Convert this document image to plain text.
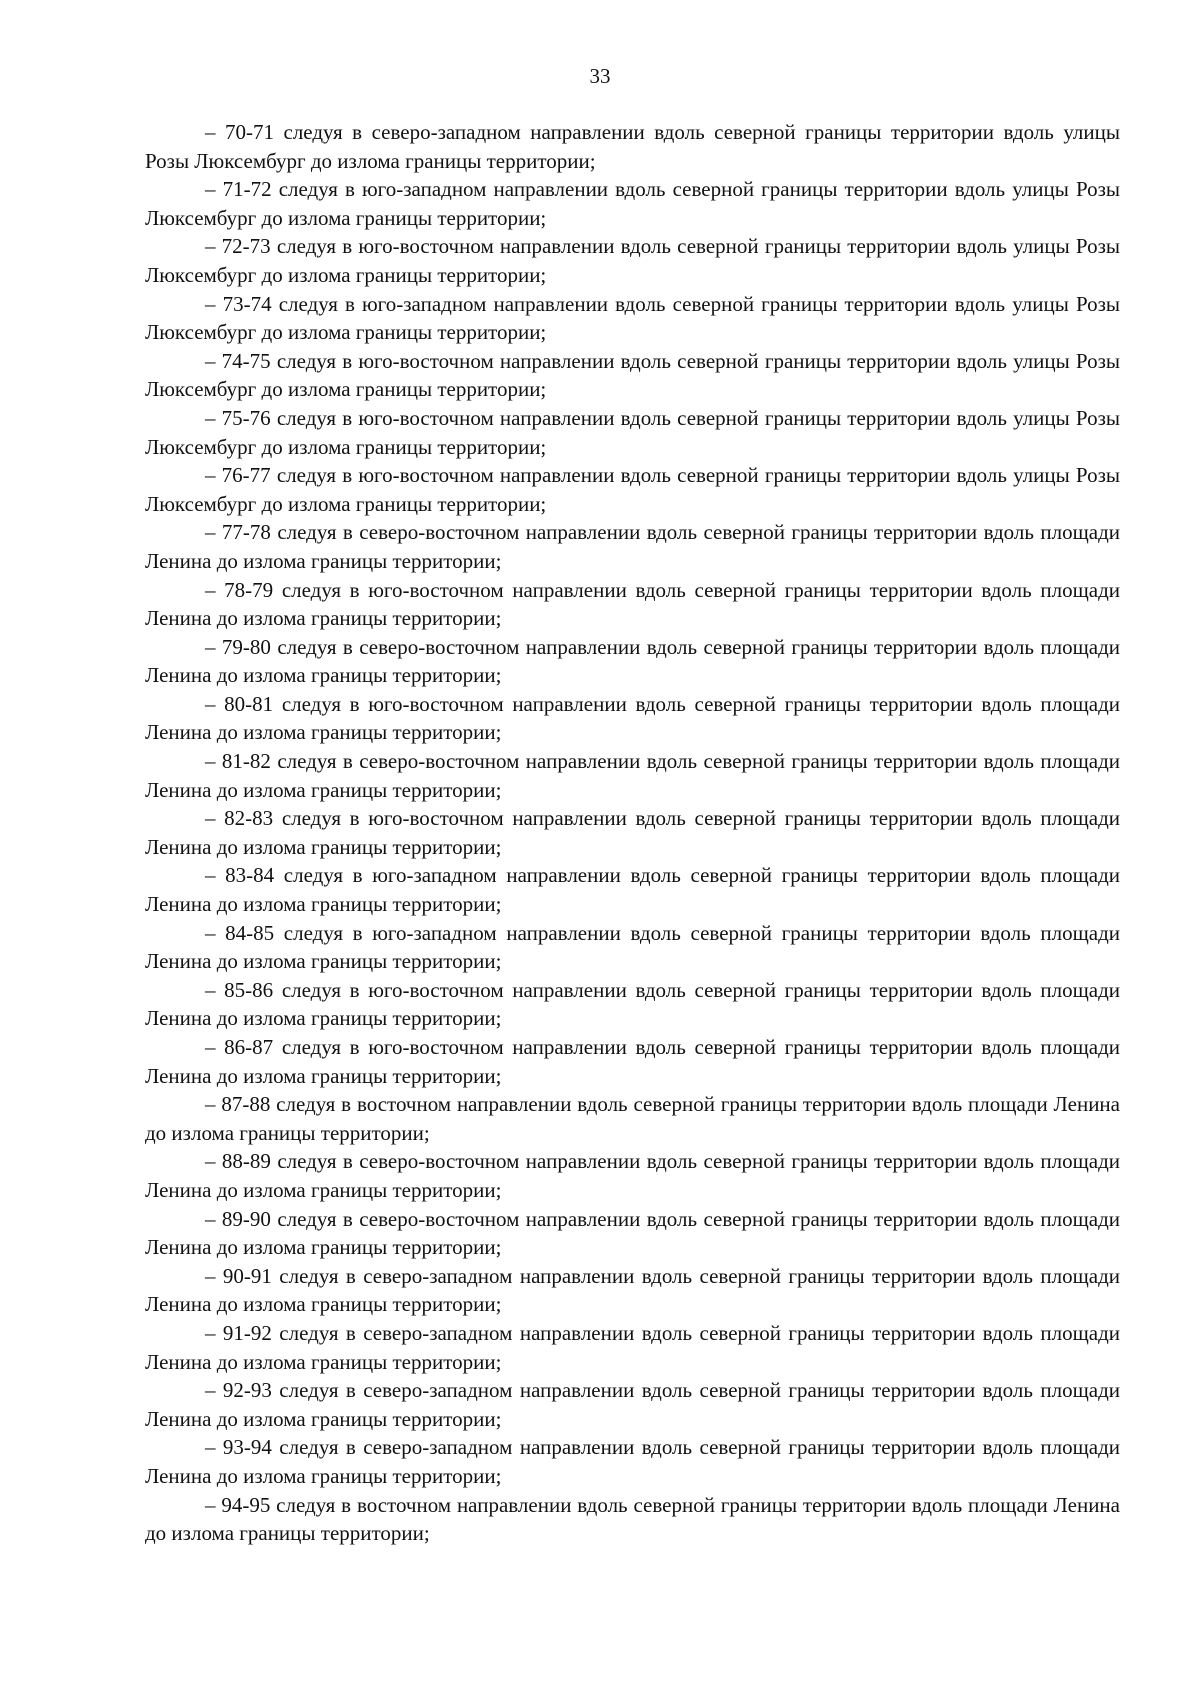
33

– 70-71 следуя в северо-западном направлении вдоль северной границы территории вдоль улицы Розы Люксембург до излома границы территории;

– 71-72 следуя в юго-западном направлении вдоль северной границы территории вдоль улицы Розы Люксембург до излома границы территории;

– 72-73 следуя в юго-восточном направлении вдоль северной границы территории вдоль улицы Розы Люксембург до излома границы территории;

– 73-74 следуя в юго-западном направлении вдоль северной границы территории вдоль улицы Розы Люксембург до излома границы территории;

– 74-75 следуя в юго-восточном направлении вдоль северной границы территории вдоль улицы Розы Люксембург до излома границы территории;

– 75-76 следуя в юго-восточном направлении вдоль северной границы территории вдоль улицы Розы Люксембург до излома границы территории;

– 76-77 следуя в юго-восточном направлении вдоль северной границы территории вдоль улицы Розы Люксембург до излома границы территории;

– 77-78 следуя в северо-восточном направлении вдоль северной границы территории вдоль площади Ленина до излома границы территории;

– 78-79 следуя в юго-восточном направлении вдоль северной границы территории вдоль площади Ленина до излома границы территории;

– 79-80 следуя в северо-восточном направлении вдоль северной границы территории вдоль площади Ленина до излома границы территории;

– 80-81 следуя в юго-восточном направлении вдоль северной границы территории вдоль площади Ленина до излома границы территории;

– 81-82 следуя в северо-восточном направлении вдоль северной границы территории вдоль площади Ленина до излома границы территории;

– 82-83 следуя в юго-восточном направлении вдоль северной границы территории вдоль площади Ленина до излома границы территории;

– 83-84 следуя в юго-западном направлении вдоль северной границы территории вдоль площади Ленина до излома границы территории;

– 84-85 следуя в юго-западном направлении вдоль северной границы территории вдоль площади Ленина до излома границы территории;

– 85-86 следуя в юго-восточном направлении вдоль северной границы территории вдоль площади Ленина до излома границы территории;

– 86-87 следуя в юго-восточном направлении вдоль северной границы территории вдоль площади Ленина до излома границы территории;

– 87-88 следуя в восточном направлении вдоль северной границы территории вдоль площади Ленина до излома границы территории;

– 88-89 следуя в северо-восточном направлении вдоль северной границы территории вдоль площади Ленина до излома границы территории;

– 89-90 следуя в северо-восточном направлении вдоль северной границы территории вдоль площади Ленина до излома границы территории;

– 90-91 следуя в северо-западном направлении вдоль северной границы территории вдоль площади Ленина до излома границы территории;

– 91-92 следуя в северо-западном направлении вдоль северной границы территории вдоль площади Ленина до излома границы территории;

– 92-93 следуя в северо-западном направлении вдоль северной границы территории вдоль площади Ленина до излома границы территории;

– 93-94 следуя в северо-западном направлении вдоль северной границы территории вдоль площади Ленина до излома границы территории;

– 94-95 следуя в восточном направлении вдоль северной границы территории вдоль площади Ленина до излома границы территории;
